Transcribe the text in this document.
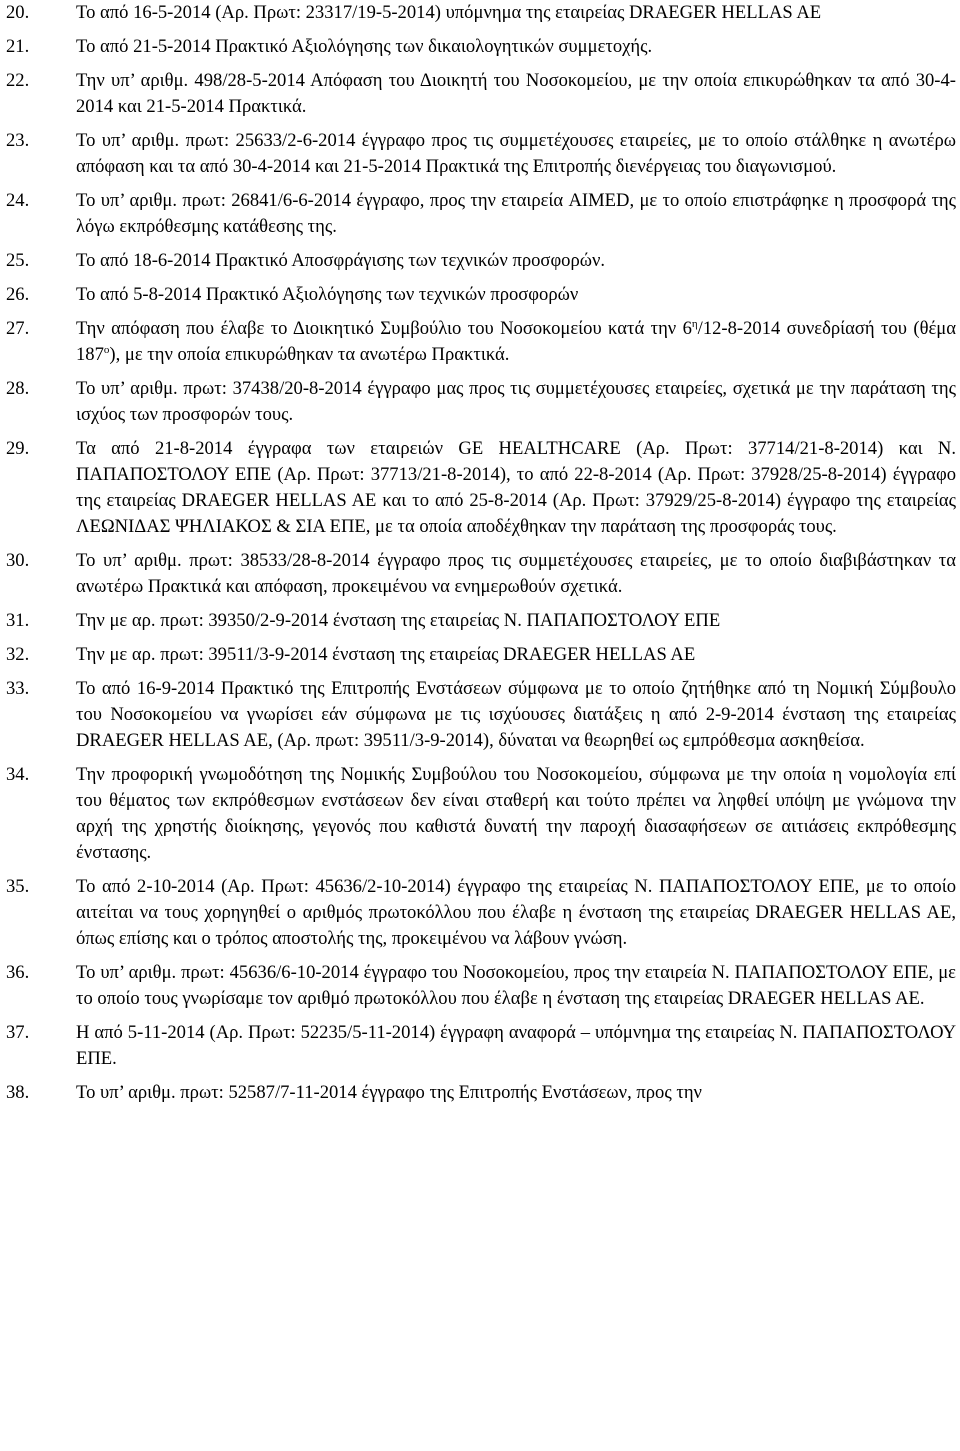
20.	Το από 16-5-2014 (Αρ. Πρωτ: 23317/19-5-2014) υπόμνημα της εταιρείας DRAEGER HELLAS AE
21.	Το από 21-5-2014 Πρακτικό Αξιολόγησης των δικαιολογητικών συμμετοχής.
22.	Την υπ’ αριθμ. 498/28-5-2014 Απόφαση του Διοικητή του Νοσοκομείου, με την οποία επικυρώθηκαν τα από 30-4-2014 και 21-5-2014 Πρακτικά.
23.	Το υπ’ αριθμ. πρωτ: 25633/2-6-2014 έγγραφο προς τις συμμετέχουσες εταιρείες, με το οποίο στάλθηκε η ανωτέρω απόφαση και τα από 30-4-2014 και 21-5-2014 Πρακτικά της Επιτροπής διενέργειας του διαγωνισμού.
24.	Το υπ’ αριθμ. πρωτ: 26841/6-6-2014 έγγραφο, προς την εταιρεία AIMED, με το οποίο επιστράφηκε η προσφορά της λόγω εκπρόθεσμης κατάθεσης της.
25.	Το από 18-6-2014 Πρακτικό Αποσφράγισης των τεχνικών προσφορών.
26.	Το από 5-8-2014 Πρακτικό Αξιολόγησης των τεχνικών προσφορών
27.	Την απόφαση που έλαβε το Διοικητικό Συμβούλιο του Νοσοκομείου κατά την $6^\eta/12-8-2014$ συνεδρίασή του (θέμα $187^o$), με την οποία επικυρώθηκαν τα ανωτέρω Πρακτικά.
28.	Το υπ’ αριθμ. πρωτ: 37438/20-8-2014 έγγραφο μας προς τις συμμετέχουσες εταιρείες, σχετικά με την παράταση της ισχύος των προσφορών τους.
29.	Τα από 21-8-2014 έγγραφα των εταιρειών GE HEALTHCARE (Αρ. Πρωτ: 37714/21-8-2014) και Ν. ΠΑΠΑΠΟΣΤΟΛΟΥ ΕΠΕ (Αρ. Πρωτ: 37713/21-8-2014), το από 22-8-2014 (Αρ. Πρωτ: 37928/25-8-2014) έγγραφο της εταιρείας DRAEGER HELLAS AE και το από 25-8-2014 (Αρ. Πρωτ: 37929/25-8-2014) έγγραφο της εταιρείας ΛΕΩΝΙΔΑΣ ΨΗΛΙΑΚΟΣ & ΣΙΑ ΕΠΕ, με τα οποία αποδέχθηκαν την παράταση της προσφοράς τους.
30.	Το υπ’ αριθμ. πρωτ: 38533/28-8-2014 έγγραφο προς τις συμμετέχουσες εταιρείες, με το οποίο διαβιβάστηκαν τα ανωτέρω Πρακτικά και απόφαση, προκειμένου να ενημερωθούν σχετικά.
31.	Την με αρ. πρωτ: 39350/2-9-2014 ένσταση της εταιρείας Ν. ΠΑΠΑΠΟΣΤΟΛΟΥ ΕΠΕ
32.	Την με αρ. πρωτ: 39511/3-9-2014 ένσταση της εταιρείας DRAEGER HELLAS AE
33.	Το από 16-9-2014 Πρακτικό της Επιτροπής Ενστάσεων σύμφωνα με το οποίο ζητήθηκε από τη Νομική Σύμβουλο του Νοσοκομείου να γνωρίσει εάν σύμφωνα με τις ισχύουσες διατάξεις η από 2-9-2014 ένσταση της εταιρείας DRAEGER HELLAS AE, (Αρ. πρωτ: 39511/3-9-2014), δύναται να θεωρηθεί ως εμπρόθεσμα ασκηθείσα.
34.	Την προφορική γνωμοδότηση της Νομικής Συμβούλου του Νοσοκομείου, σύμφωνα με την οποία η νομολογία επί του θέματος των εκπρόθεσμων ενστάσεων δεν είναι σταθερή και τούτο πρέπει να ληφθεί υπόψη με γνώμονα την αρχή της χρηστής διοίκησης, γεγονός που καθιστά δυνατή την παροχή διασαφήσεων σε αιτιάσεις εκπρόθεσμης ένστασης.
35.	Το από 2-10-2014 (Αρ. Πρωτ: 45636/2-10-2014) έγγραφο της εταιρείας Ν. ΠΑΠΑΠΟΣΤΟΛΟΥ ΕΠΕ, με το οποίο αιτείται να τους χορηγηθεί ο αριθμός πρωτοκόλλου που έλαβε η ένσταση της εταιρείας DRAEGER HELLAS AE, όπως επίσης και ο τρόπος αποστολής της, προκειμένου να λάβουν γνώση.
36.	Το υπ’ αριθμ. πρωτ: 45636/6-10-2014 έγγραφο του Νοσοκομείου, προς την εταιρεία Ν. ΠΑΠΑΠΟΣΤΟΛΟΥ ΕΠΕ, με το οποίο τους γνωρίσαμε τον αριθμό πρωτοκόλλου που έλαβε η ένσταση της εταιρείας DRAEGER HELLAS AE.
37.	Η από 5-11-2014 (Αρ. Πρωτ: 52235/5-11-2014) έγγραφη αναφορά – υπόμνημα της εταιρείας Ν. ΠΑΠΑΠΟΣΤΟΛΟΥ ΕΠΕ.
38.	Το υπ’ αριθμ. πρωτ: 52587/7-11-2014 έγγραφο της Επιτροπής Ενστάσεων, προς την
